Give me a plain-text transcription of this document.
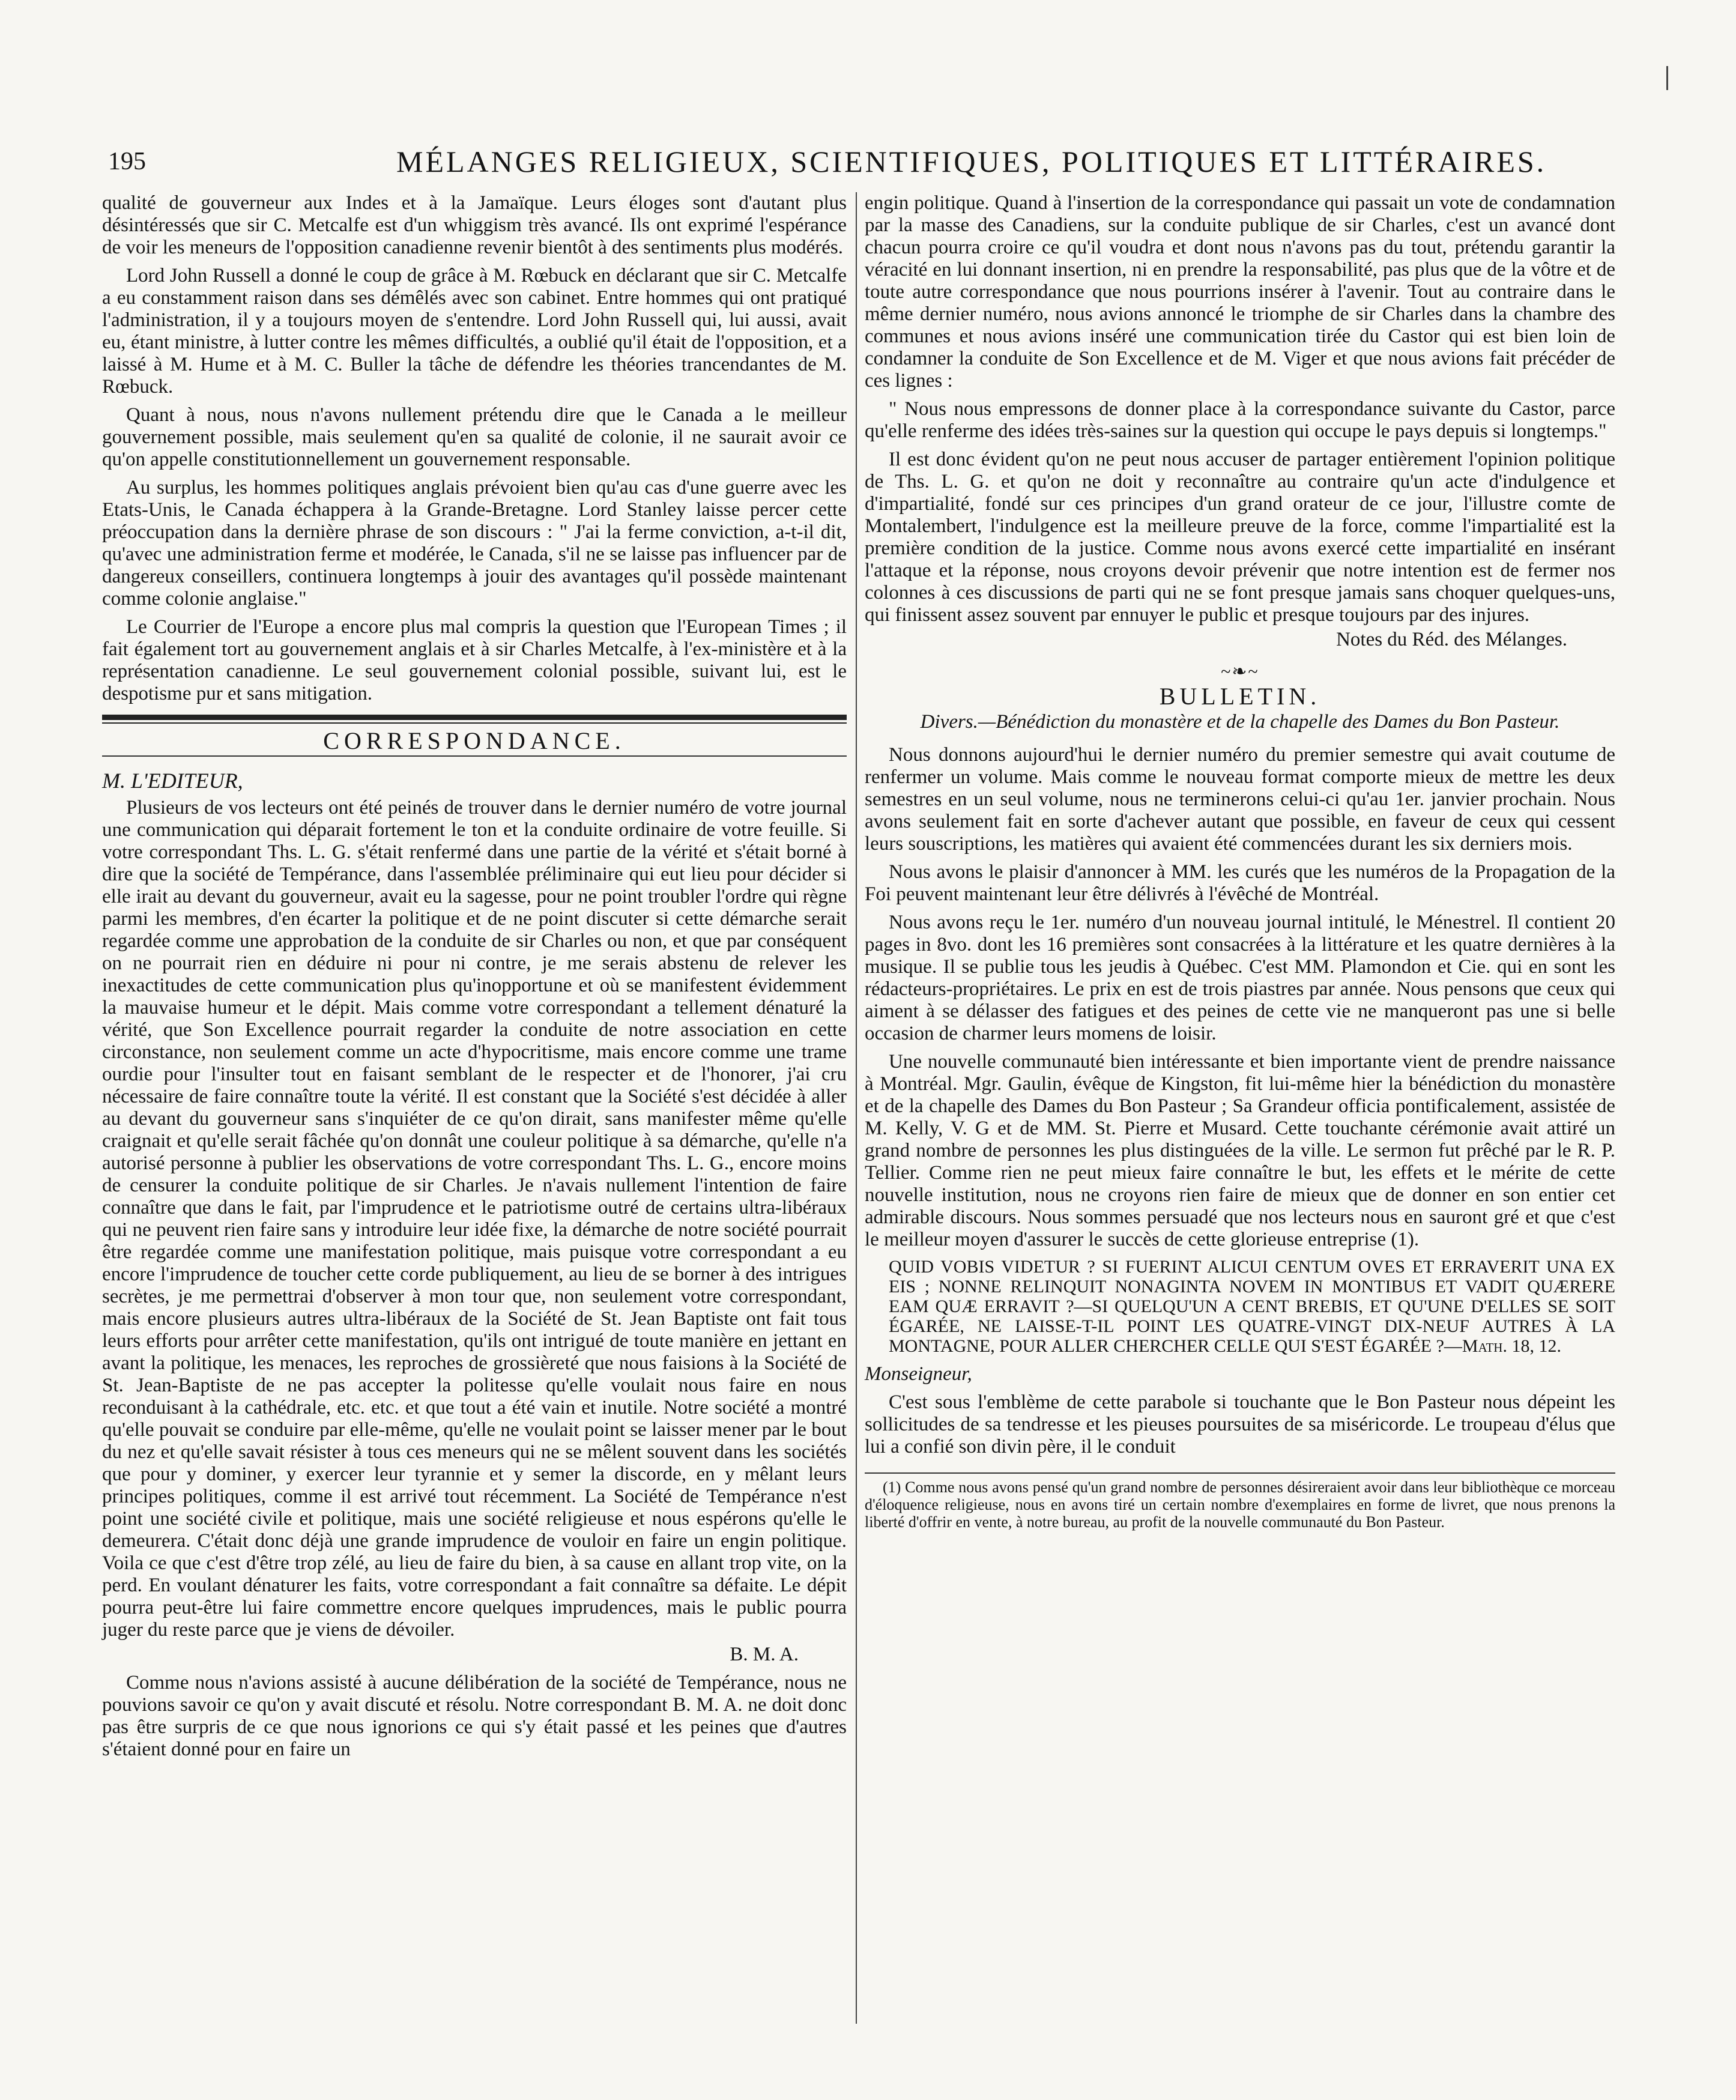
195	MÉLANGES RELIGIEUX, SCIENTIFIQUES, POLITIQUES ET LITTÉRAIRES.

qualité de gouverneur aux Indes et à la Jamaïque. Leurs éloges sont d'autant plus désintéressés que sir C. Metcalfe est d'un whiggism très avancé. Ils ont exprimé l'espérance de voir les meneurs de l'opposition canadienne revenir bientôt à des sentiments plus modérés.

Lord John Russell a donné le coup de grâce à M. Rœbuck en déclarant que sir C. Metcalfe a eu constamment raison dans ses démêlés avec son cabinet. Entre hommes qui ont pratiqué l'administration, il y a toujours moyen de s'entendre. Lord John Russell qui, lui aussi, avait eu, étant ministre, à lutter contre les mêmes difficultés, a oublié qu'il était de l'opposition, et a laissé à M. Hume et à M. C. Buller la tâche de défendre les théories trancendantes de M. Rœbuck.

Quant à nous, nous n'avons nullement prétendu dire que le Canada a le meilleur gouvernement possible, mais seulement qu'en sa qualité de colonie, il ne saurait avoir ce qu'on appelle constitutionnellement un gouvernement responsable.

Au surplus, les hommes politiques anglais prévoient bien qu'au cas d'une guerre avec les Etats-Unis, le Canada échappera à la Grande-Bretagne. Lord Stanley laisse percer cette préoccupation dans la dernière phrase de son discours : " J'ai la ferme conviction, a-t-il dit, qu'avec une administration ferme et modérée, le Canada, s'il ne se laisse pas influencer par de dangereux conseillers, continuera longtemps à jouir des avantages qu'il possède maintenant comme colonie anglaise."

Le Courrier de l'Europe a encore plus mal compris la question que l'European Times ; il fait également tort au gouvernement anglais et à sir Charles Metcalfe, à l'ex-ministère et à la représentation canadienne. Le seul gouvernement colonial possible, suivant lui, est le despotisme pur et sans mitigation.

CORRESPONDANCE.

M. L'EDITEUR,

Plusieurs de vos lecteurs ont été peinés de trouver dans le dernier numéro de votre journal une communication qui déparait fortement le ton et la conduite ordinaire de votre feuille. Si votre correspondant Ths. L. G. s'était renfermé dans une partie de la vérité et s'était borné à dire que la société de Tempérance, dans l'assemblée préliminaire qui eut lieu pour décider si elle irait au devant du gouverneur, avait eu la sagesse, pour ne point troubler l'ordre qui règne parmi les membres, d'en écarter la politique et de ne point discuter si cette démarche serait regardée comme une approbation de la conduite de sir Charles ou non, et que par conséquent on ne pourrait rien en déduire ni pour ni contre, je me serais abstenu de relever les inexactitudes de cette communication plus qu'inopportune et où se manifestent évidemment la mauvaise humeur et le dépit. Mais comme votre correspondant a tellement dénaturé la vérité, que Son Excellence pourrait regarder la conduite de notre association en cette circonstance, non seulement comme un acte d'hypocritisme, mais encore comme une trame ourdie pour l'insulter tout en faisant semblant de le respecter et de l'honorer, j'ai cru nécessaire de faire connaître toute la vérité. Il est constant que la Société s'est décidée à aller au devant du gouverneur sans s'inquiéter de ce qu'on dirait, sans manifester même qu'elle craignait et qu'elle serait fâchée qu'on donnât une couleur politique à sa démarche, qu'elle n'a autorisé personne à publier les observations de votre correspondant Ths. L. G., encore moins de censurer la conduite politique de sir Charles. Je n'avais nullement l'intention de faire connaître que dans le fait, par l'imprudence et le patriotisme outré de certains ultra-libéraux qui ne peuvent rien faire sans y introduire leur idée fixe, la démarche de notre société pourrait être regardée comme une manifestation politique, mais puisque votre correspondant a eu encore l'imprudence de toucher cette corde publiquement, au lieu de se borner à des intrigues secrètes, je me permettrai d'observer à mon tour que, non seulement votre correspondant, mais encore plusieurs autres ultra-libéraux de la Société de St. Jean Baptiste ont fait tous leurs efforts pour arrêter cette manifestation, qu'ils ont intrigué de toute manière en jettant en avant la politique, les menaces, les reproches de grossièreté que nous faisions à la Société de St. Jean-Baptiste de ne pas accepter la politesse qu'elle voulait nous faire en nous reconduisant à la cathédrale, etc. etc. et que tout a été vain et inutile. Notre société a montré qu'elle pouvait se conduire par elle-même, qu'elle ne voulait point se laisser mener par le bout du nez et qu'elle savait résister à tous ces meneurs qui ne se mêlent souvent dans les sociétés que pour y dominer, y exercer leur tyrannie et y semer la discorde, en y mêlant leurs principes politiques, comme il est arrivé tout récemment. La Société de Tempérance n'est point une société civile et politique, mais une société religieuse et nous espérons qu'elle le demeurera. C'était donc déjà une grande imprudence de vouloir en faire un engin politique. Voila ce que c'est d'être trop zélé, au lieu de faire du bien, à sa cause en allant trop vite, on la perd. En voulant dénaturer les faits, votre correspondant a fait connaître sa défaite. Le dépit pourra peut-être lui faire commettre encore quelques imprudences, mais le public pourra juger du reste parce que je viens de dévoiler.

B. M. A.

Comme nous n'avions assisté à aucune délibération de la société de Tempérance, nous ne pouvions savoir ce qu'on y avait discuté et résolu. Notre correspondant B. M. A. ne doit donc pas être surpris de ce que nous ignorions ce qui s'y était passé et les peines que d'autres s'étaient donné pour en faire un

engin politique. Quand à l'insertion de la correspondance qui passait un vote de condamnation par la masse des Canadiens, sur la conduite publique de sir Charles, c'est un avancé dont chacun pourra croire ce qu'il voudra et dont nous n'avons pas du tout, prétendu garantir la véracité en lui donnant insertion, ni en prendre la responsabilité, pas plus que de la vôtre et de toute autre correspondance que nous pourrions insérer à l'avenir. Tout au contraire dans le même dernier numéro, nous avions annoncé le triomphe de sir Charles dans la chambre des communes et nous avions inséré une communication tirée du Castor qui est bien loin de condamner la conduite de Son Excellence et de M. Viger et que nous avions fait précéder de ces lignes :

" Nous nous empressons de donner place à la correspondance suivante du Castor, parce qu'elle renferme des idées très-saines sur la question qui occupe le pays depuis si longtemps."

Il est donc évident qu'on ne peut nous accuser de partager entièrement l'opinion politique de Ths. L. G. et qu'on ne doit y reconnaître au contraire qu'un acte d'indulgence et d'impartialité, fondé sur ces principes d'un grand orateur de ce jour, l'illustre comte de Montalembert, l'indulgence est la meilleure preuve de la force, comme l'impartialité est la première condition de la justice. Comme nous avons exercé cette impartialité en insérant l'attaque et la réponse, nous croyons devoir prévenir que notre intention est de fermer nos colonnes à ces discussions de parti qui ne se font presque jamais sans choquer quelques-uns, qui finissent assez souvent par ennuyer le public et presque toujours par des injures.

Notes du Réd. des Mélanges.

~❧~
BULLETIN.

Divers.—Bénédiction du monastère et de la chapelle des Dames du Bon Pasteur.

Nous donnons aujourd'hui le dernier numéro du premier semestre qui avait coutume de renfermer un volume. Mais comme le nouveau format comporte mieux de mettre les deux semestres en un seul volume, nous ne terminerons celui-ci qu'au 1er. janvier prochain. Nous avons seulement fait en sorte d'achever autant que possible, en faveur de ceux qui cessent leurs souscriptions, les matières qui avaient été commencées durant les six derniers mois.

Nous avons le plaisir d'annoncer à MM. les curés que les numéros de la Propagation de la Foi peuvent maintenant leur être délivrés à l'évêché de Montréal.

Nous avons reçu le 1er. numéro d'un nouveau journal intitulé, le Ménestrel. Il contient 20 pages in 8vo. dont les 16 premières sont consacrées à la littérature et les quatre dernières à la musique. Il se publie tous les jeudis à Québec. C'est MM. Plamondon et Cie. qui en sont les rédacteurs-propriétaires. Le prix en est de trois piastres par année. Nous pensons que ceux qui aiment à se délasser des fatigues et des peines de cette vie ne manqueront pas une si belle occasion de charmer leurs momens de loisir.

Une nouvelle communauté bien intéressante et bien importante vient de prendre naissance à Montréal. Mgr. Gaulin, évêque de Kingston, fit lui-même hier la bénédiction du monastère et de la chapelle des Dames du Bon Pasteur ; Sa Grandeur officia pontificalement, assistée de M. Kelly, V. G et de MM. St. Pierre et Musard. Cette touchante cérémonie avait attiré un grand nombre de personnes les plus distinguées de la ville. Le sermon fut prêché par le R. P. Tellier. Comme rien ne peut mieux faire connaître le but, les effets et le mérite de cette nouvelle institution, nous ne croyons rien faire de mieux que de donner en son entier cet admirable discours. Nous sommes persuadé que nos lecteurs nous en sauront gré et que c'est le meilleur moyen d'assurer le succès de cette glorieuse entreprise (1).

QUID VOBIS VIDETUR ? SI FUERINT ALICUI CENTUM OVES ET ERRAVERIT UNA EX EIS ; NONNE RELINQUIT NONAGINTA NOVEM IN MONTIBUS ET VADIT QUÆRERE EAM QUÆ ERRAVIT ?—SI QUELQU'UN A CENT BREBIS, ET QU'UNE D'ELLES SE SOIT ÉGARÉE, NE LAISSE-T-IL POINT LES QUATRE-VINGT DIX-NEUF AUTRES À LA MONTAGNE, POUR ALLER CHERCHER CELLE QUI S'EST ÉGARÉE ?—Math. 18, 12.

Monseigneur,

C'est sous l'emblème de cette parabole si touchante que le Bon Pasteur nous dépeint les sollicitudes de sa tendresse et les pieuses poursuites de sa miséricorde. Le troupeau d'élus que lui a confié son divin père, il le conduit

(1) Comme nous avons pensé qu'un grand nombre de personnes désireraient avoir dans leur bibliothèque ce morceau d'éloquence religieuse, nous en avons tiré un certain nombre d'exemplaires en forme de livret, que nous prenons la liberté d'offrir en vente, à notre bureau, au profit de la nouvelle communauté du Bon Pasteur.
